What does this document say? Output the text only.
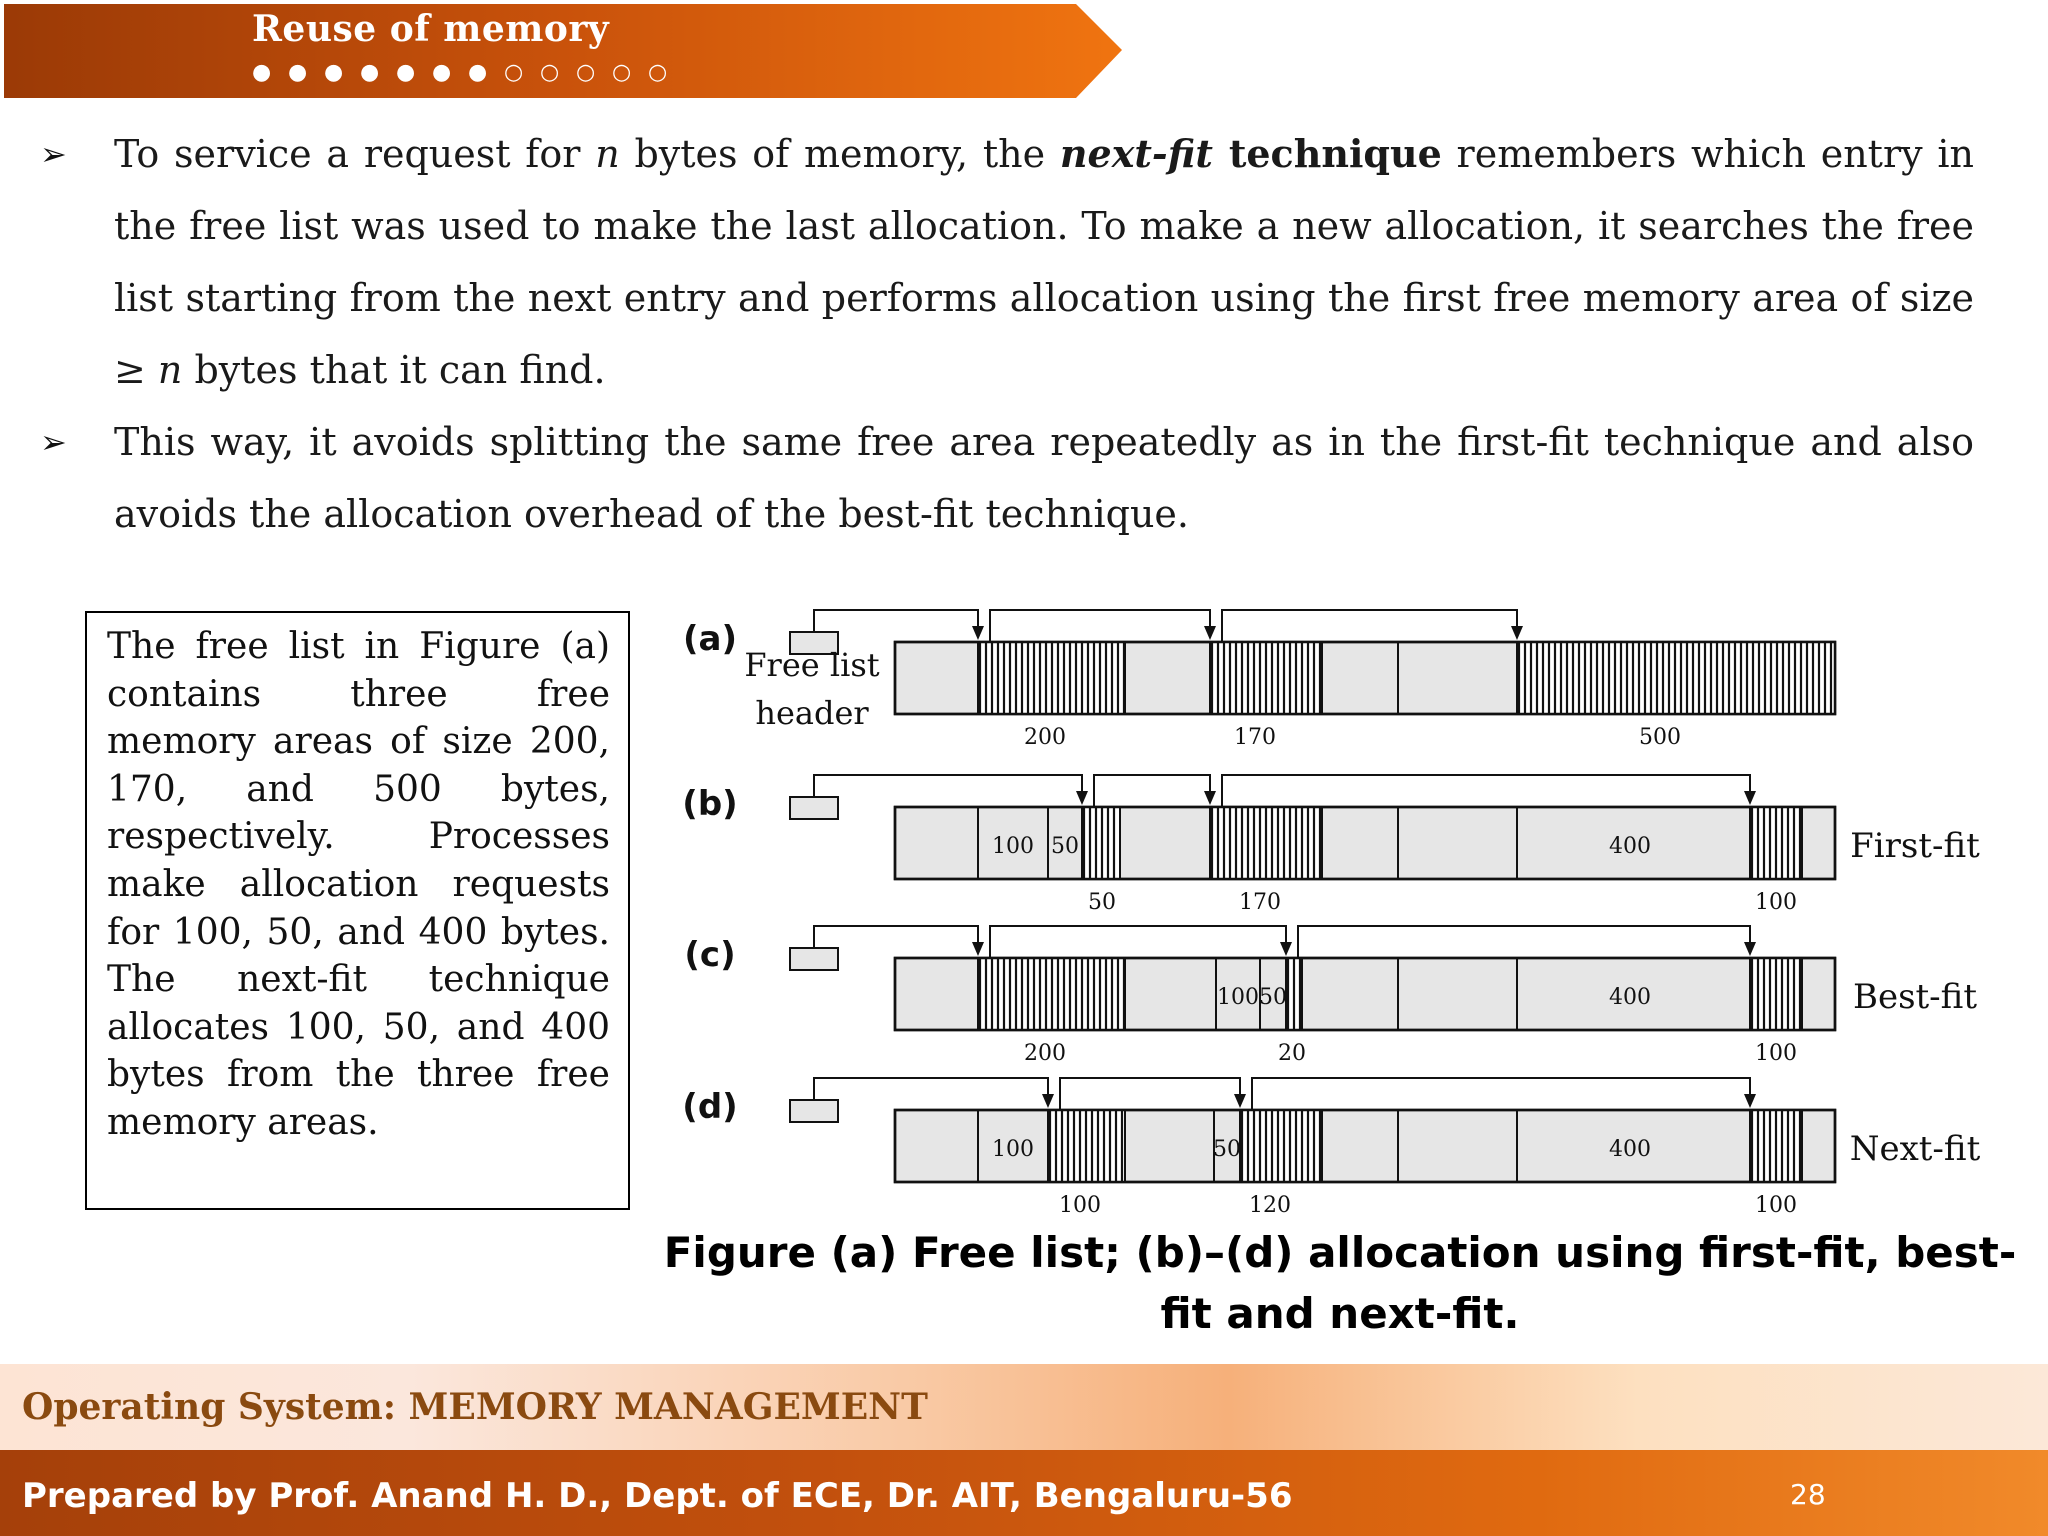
Reuse of memory
● ● ● ● ● ● ● ○ ○ ○ ○ ○
➢	To service a request for n bytes of memory, the next-fit technique remembers which entry in the free list was used to make the last allocation. To make a new allocation, it searches the free list starting from the next entry and performs allocation using the first free memory area of size ≥ n bytes that it can find.
➢	This way, it avoids splitting the same free area repeatedly as in the first-fit technique and also avoids the allocation overhead of the best-fit technique.

The free list in Figure (a) contains three free memory areas of size 200, 170, and 500 bytes, respectively. Processes make allocation requests for 100, 50, and 400 bytes. The next-fit technique allocates 100, 50, and 400 bytes from the three free memory areas.

(a)
200	170	500
(b)
100 50	400
50	170	100
First-fit
(c)
100 50	400
200	20	100
Best-fit
(d)
100	50	400
100	120	100
Next-fit
Free list
header
Figure (a) Free list; (b)–(d) allocation using first-fit, best-fit and next-fit.
Operating System: MEMORY MANAGEMENT
Prepared by Prof. Anand H. D., Dept. of ECE, Dr. AIT, Bengaluru-56	28
